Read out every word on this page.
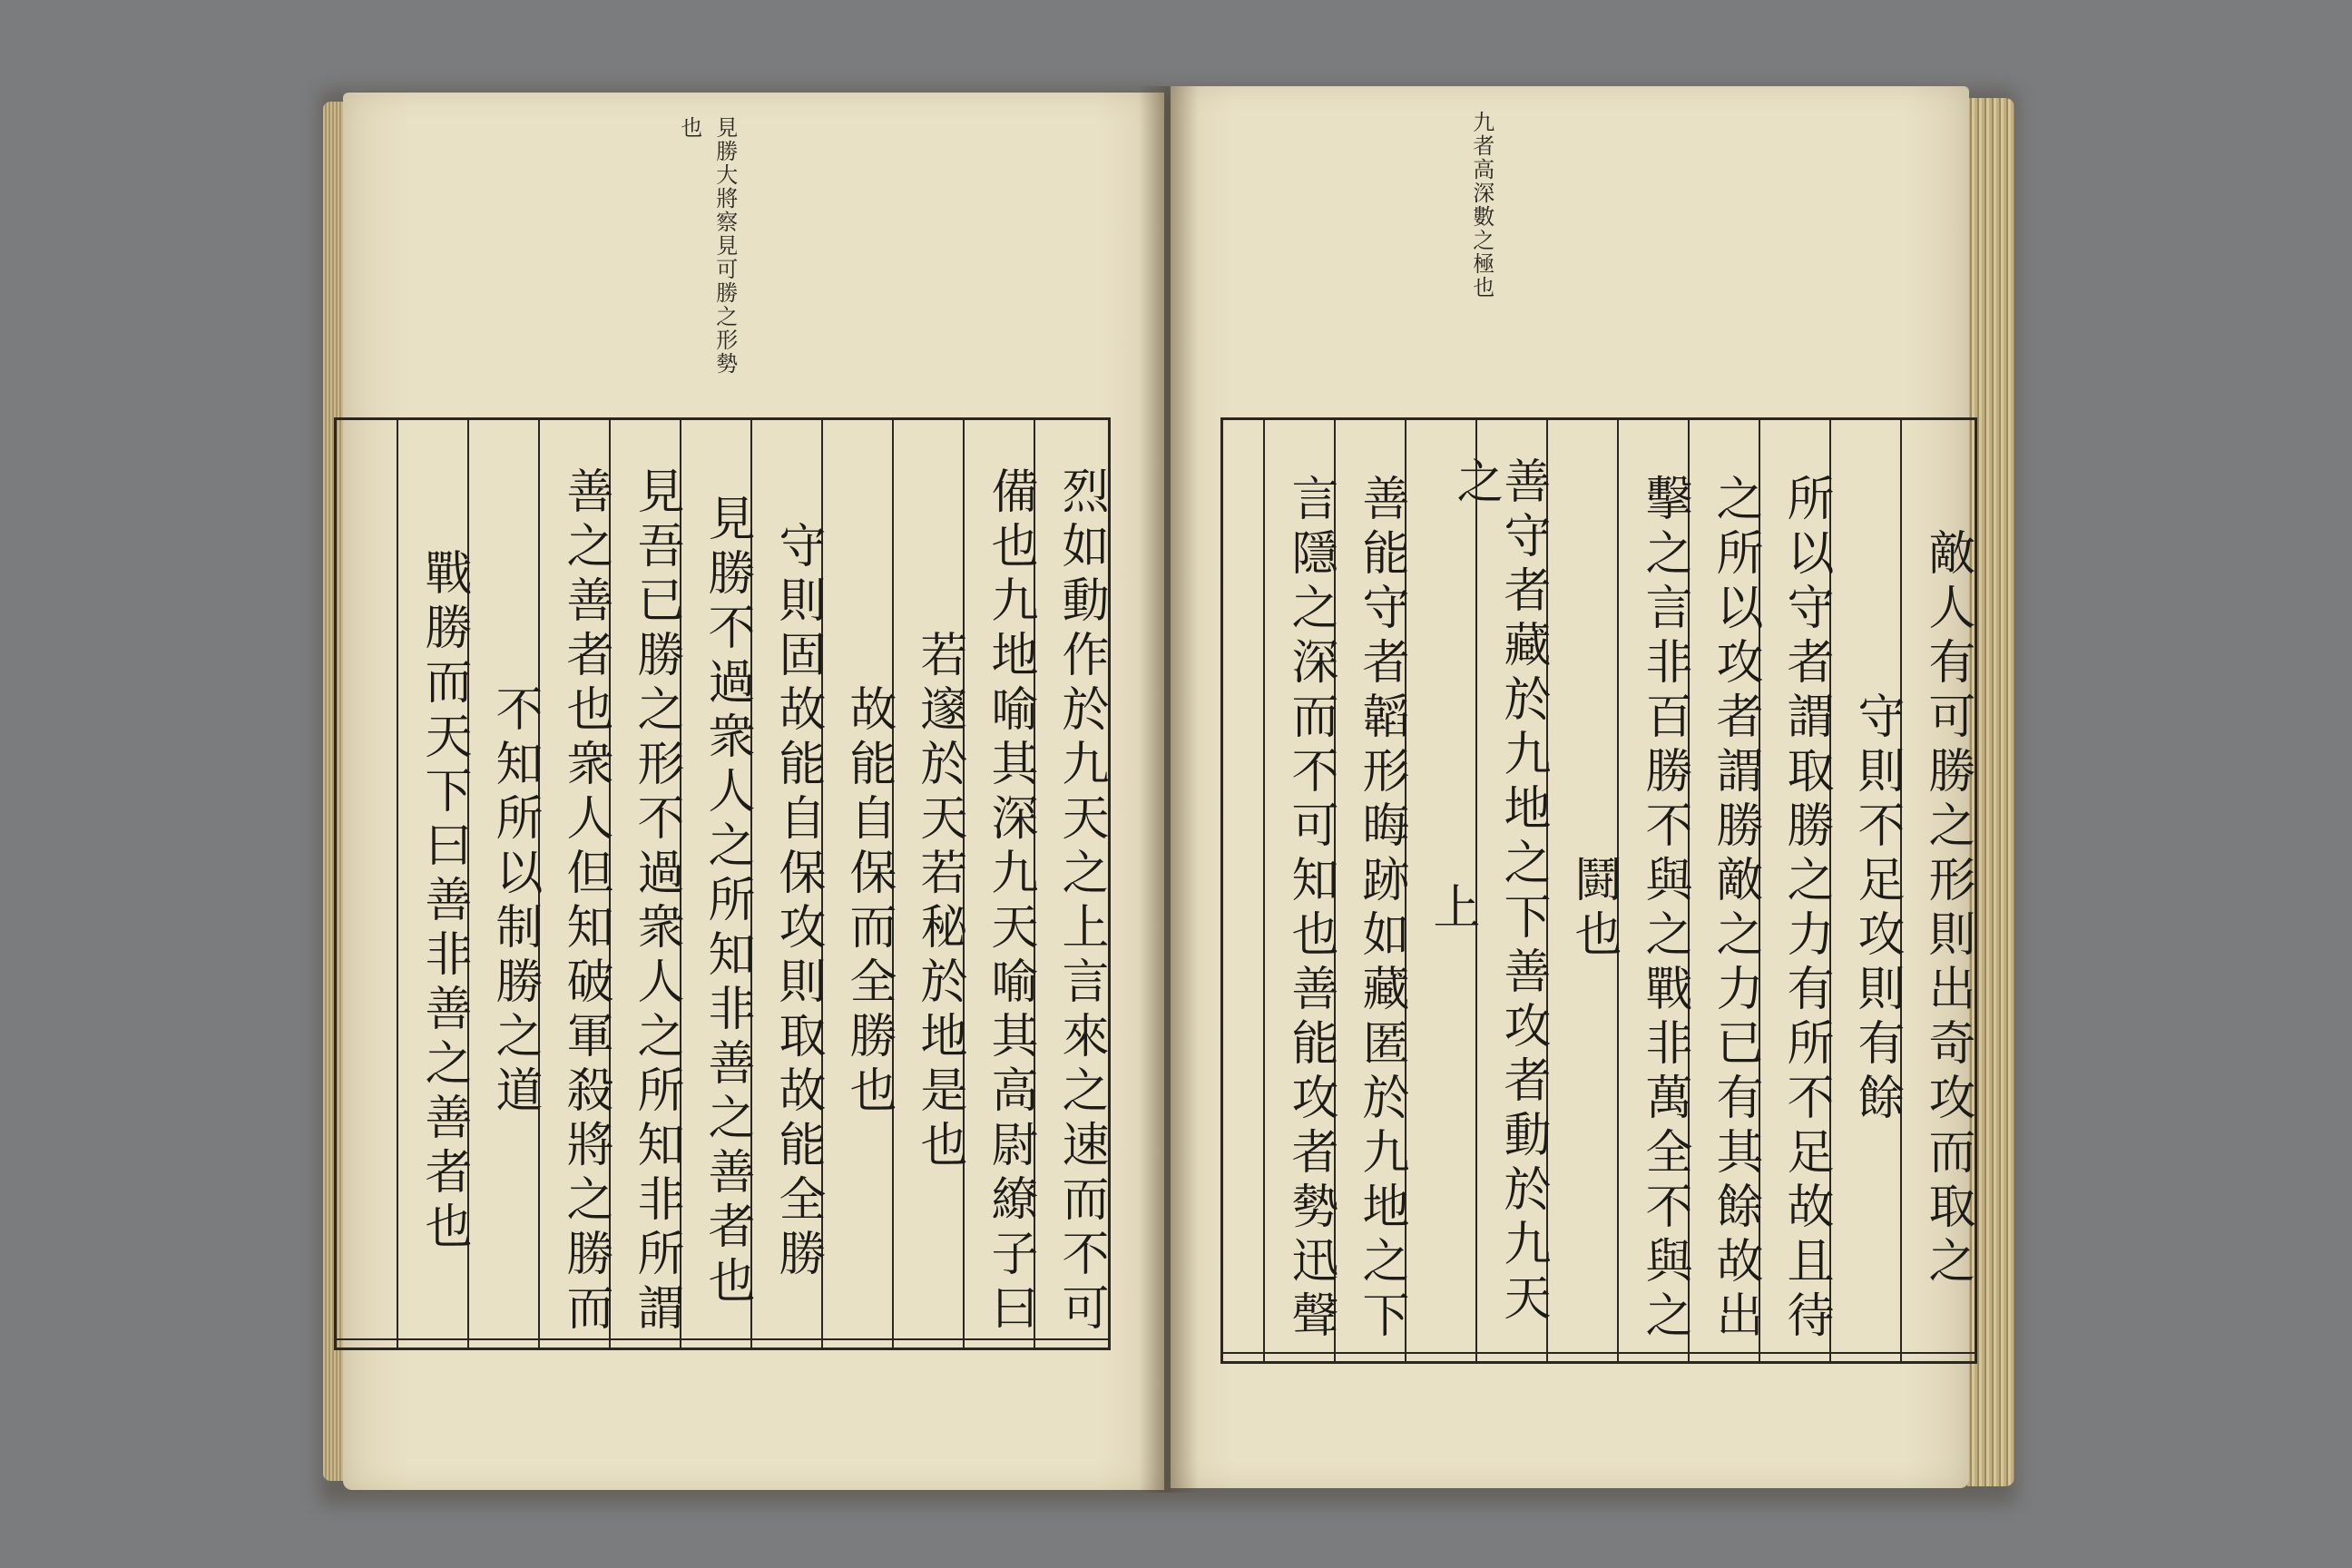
見勝大將察見可勝之形勢
也	九者高深數之極也
烈如動作於九天之上言來之速而不可
備也九地喻其深九天喻其高尉繚子曰
若邃於天若秘於地是也
故能自保而全勝也
守則固故能自保攻則取故能全勝
見勝不過衆人之所知非善之善者也
見吾已勝之形不過衆人之所知非所謂
善之善者也衆人但知破軍殺將之勝而
不知所以制勝之道
戰勝而天下曰善非善之善者也	敵人有可勝之形則出奇攻而取之
守則不足攻則有餘
所以守者謂取勝之力有所不足故且待
之所以攻者謂勝敵之力已有其餘故出
擊之言非百勝不與之戰非萬全不與之
鬪也
善守者藏於九地之下善攻者動於九天之
上
善能守者韜形晦跡如藏匿於九地之下
言隱之深而不可知也善能攻者勢迅聲
